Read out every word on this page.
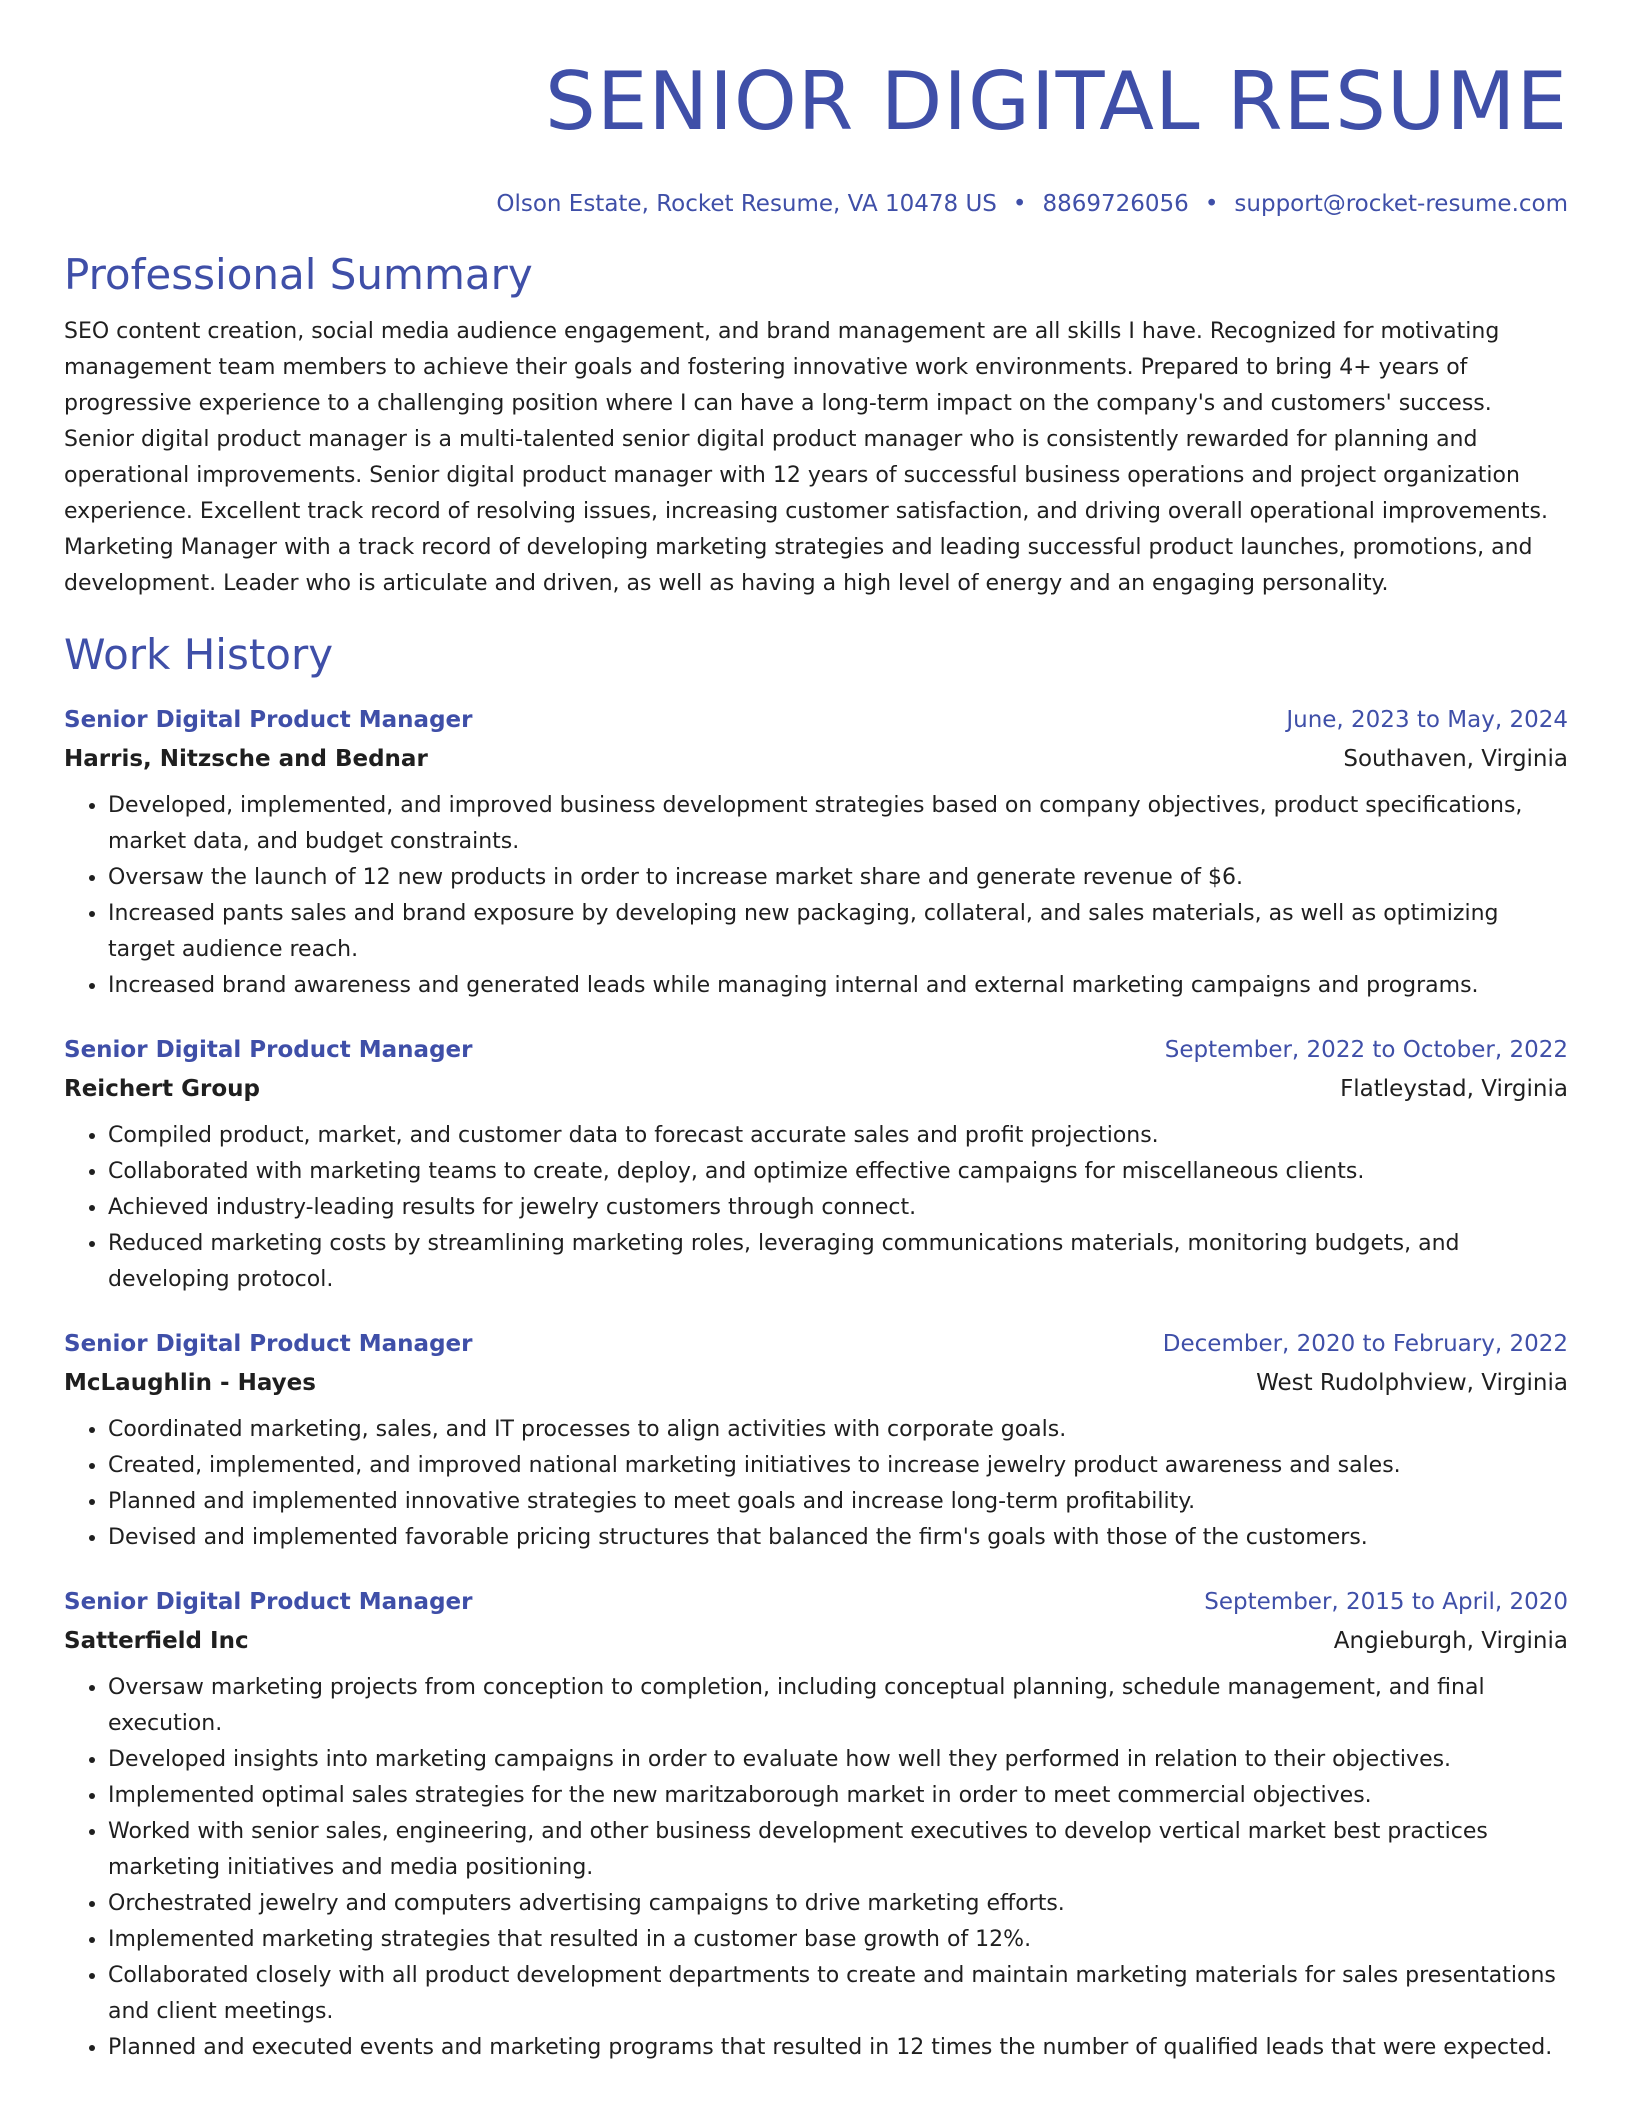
SENIOR DIGITAL RESUME
Olson Estate, Rocket Resume, VA 10478 US • 8869726056 • support@rocket-resume.com
Professional Summary

SEO content creation, social media audience engagement, and brand management are all skills I have. Recognized for motivating management team members to achieve their goals and fostering innovative work environments. Prepared to bring 4+ years of progressive experience to a challenging position where I can have a long-term impact on the company's and customers' success. Senior digital product manager is a multi-talented senior digital product manager who is consistently rewarded for planning and operational improvements. Senior digital product manager with 12 years of successful business operations and project organization experience. Excellent track record of resolving issues, increasing customer satisfaction, and driving overall operational improvements. Marketing Manager with a track record of developing marketing strategies and leading successful product launches, promotions, and development. Leader who is articulate and driven, as well as having a high level of energy and an engaging personality.

Work History
Senior Digital Product Manager	June, 2023 to May, 2024
Harris, Nitzsche and Bednar	Southaven, Virginia
• Developed, implemented, and improved business development strategies based on company objectives, product specifications, market data, and budget constraints.
• Oversaw the launch of 12 new products in order to increase market share and generate revenue of $6.
• Increased pants sales and brand exposure by developing new packaging, collateral, and sales materials, as well as optimizing target audience reach.
• Increased brand awareness and generated leads while managing internal and external marketing campaigns and programs.
Senior Digital Product Manager	September, 2022 to October, 2022
Reichert Group	Flatleystad, Virginia
• Compiled product, market, and customer data to forecast accurate sales and profit projections.
• Collaborated with marketing teams to create, deploy, and optimize effective campaigns for miscellaneous clients.
• Achieved industry-leading results for jewelry customers through connect.
• Reduced marketing costs by streamlining marketing roles, leveraging communications materials, monitoring budgets, and developing protocol.
Senior Digital Product Manager	December, 2020 to February, 2022
McLaughlin - Hayes	West Rudolphview, Virginia
• Coordinated marketing, sales, and IT processes to align activities with corporate goals.
• Created, implemented, and improved national marketing initiatives to increase jewelry product awareness and sales.
• Planned and implemented innovative strategies to meet goals and increase long-term profitability.
• Devised and implemented favorable pricing structures that balanced the firm's goals with those of the customers.
Senior Digital Product Manager	September, 2015 to April, 2020
Satterfield Inc	Angieburgh, Virginia
• Oversaw marketing projects from conception to completion, including conceptual planning, schedule management, and final execution.
• Developed insights into marketing campaigns in order to evaluate how well they performed in relation to their objectives.
• Implemented optimal sales strategies for the new maritzaborough market in order to meet commercial objectives.
• Worked with senior sales, engineering, and other business development executives to develop vertical market best practices marketing initiatives and media positioning.
• Orchestrated jewelry and computers advertising campaigns to drive marketing efforts.
• Implemented marketing strategies that resulted in a customer base growth of 12%.
• Collaborated closely with all product development departments to create and maintain marketing materials for sales presentations and client meetings.
• Planned and executed events and marketing programs that resulted in 12 times the number of qualified leads that were expected.
